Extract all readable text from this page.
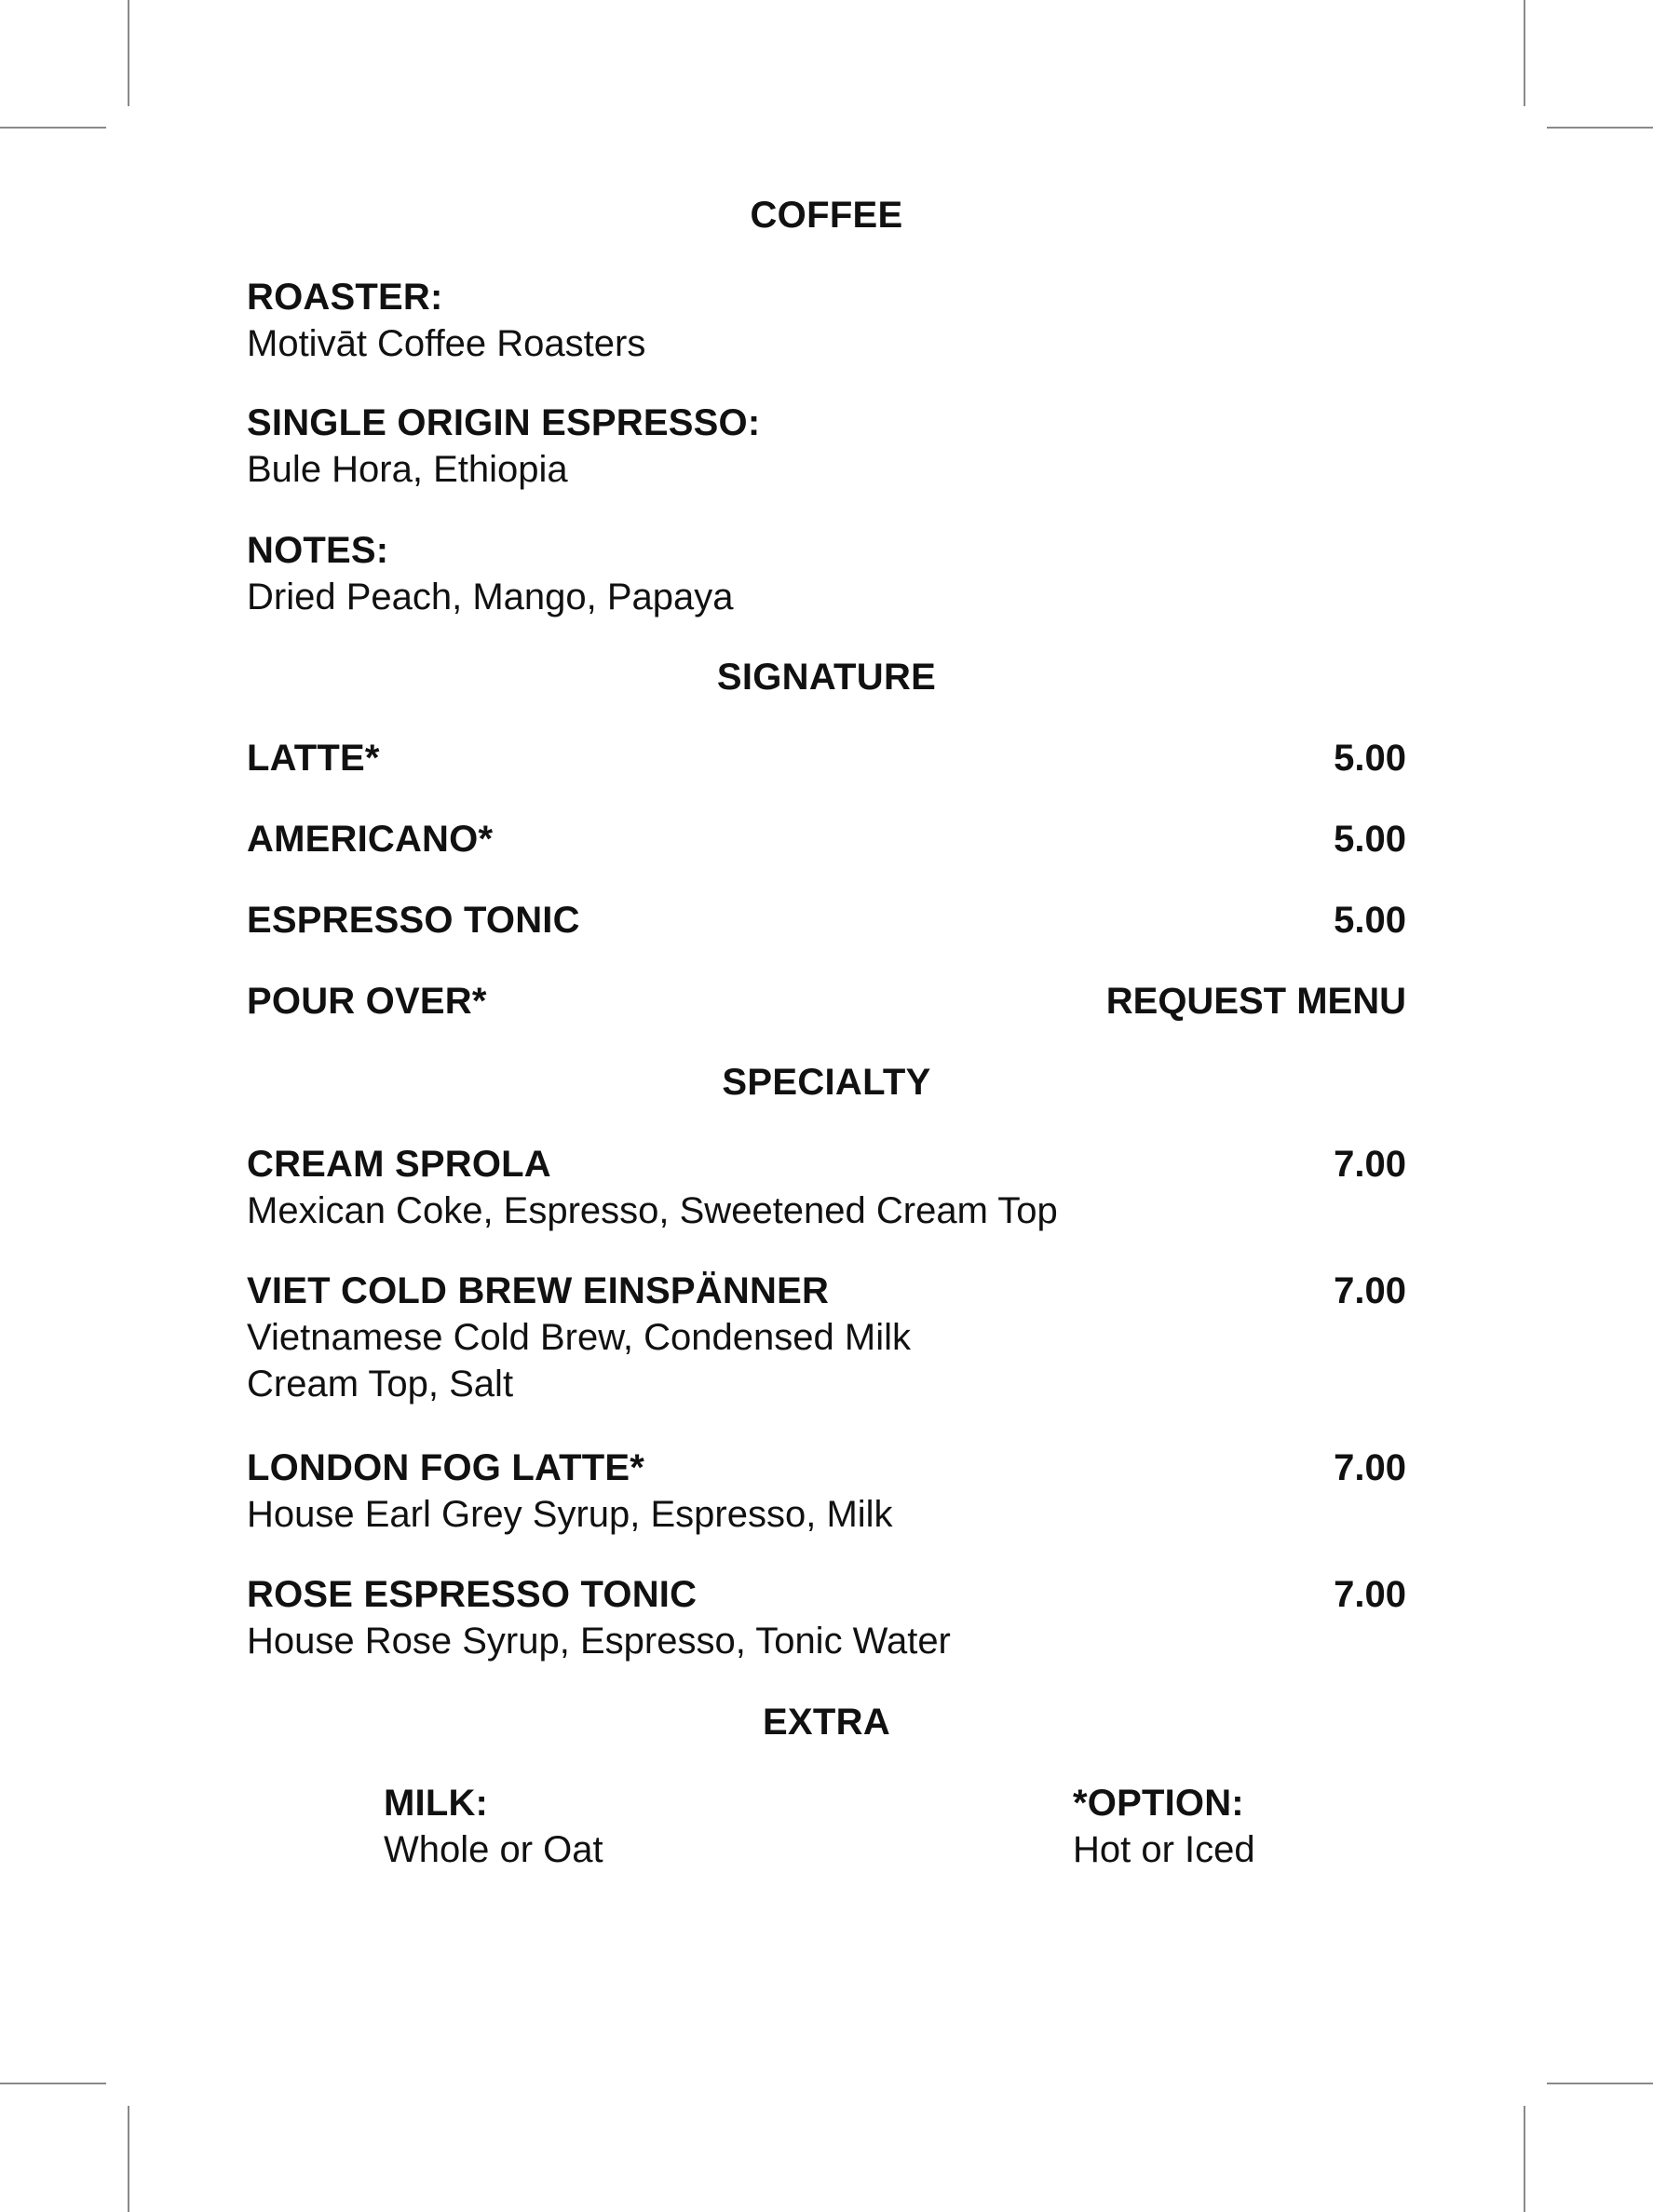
COFFEE
ROASTER:
Motivāt Coffee Roasters
SINGLE ORIGIN ESPRESSO:
Bule Hora, Ethiopia
NOTES:
Dried Peach, Mango, Papaya
SIGNATURE
LATTE*	5.00
AMERICANO*	5.00
ESPRESSO TONIC	5.00
POUR OVER*	REQUEST MENU
SPECIALTY
CREAM SPROLA	7.00
Mexican Coke, Espresso, Sweetened Cream Top
VIET COLD BREW EINSPÄNNER	7.00
Vietnamese Cold Brew, Condensed Milk
Cream Top, Salt
LONDON FOG LATTE*	7.00
House Earl Grey Syrup, Espresso, Milk
ROSE ESPRESSO TONIC	7.00
House Rose Syrup, Espresso, Tonic Water
EXTRA
MILK:
Whole or Oat
*OPTION:
Hot or Iced
